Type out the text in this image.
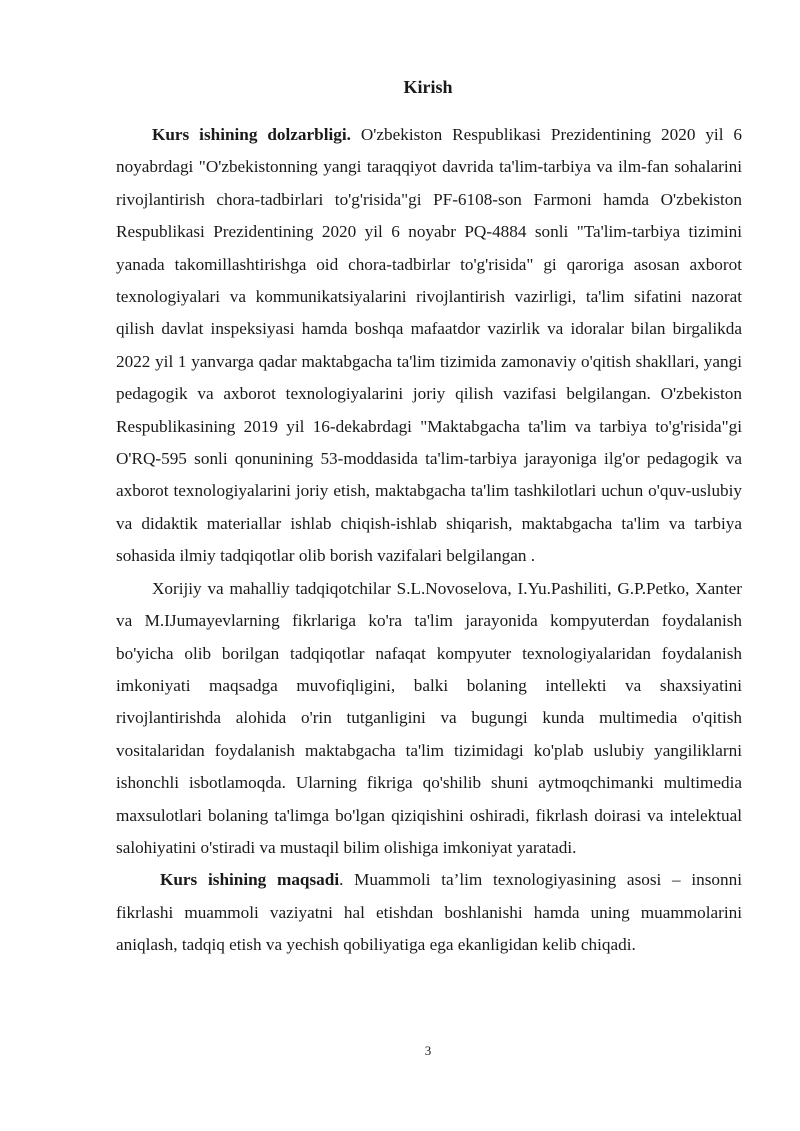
Kirish

Kurs ishining dolzarbligi. O'zbekiston Respublikasi Prezidentining 2020 yil 6 noyabrdagi "O'zbekistonning yangi taraqqiyot davrida ta'lim-tarbiya va ilm-fan sohalarini rivojlantirish chora-tadbirlari to'g'risida"gi PF-6108-son Farmoni hamda O'zbekiston Respublikasi Prezidentining 2020 yil 6 noyabr PQ-4884 sonli "Ta'lim-tarbiya tizimini yanada takomillashtirishga oid chora-tadbirlar to'g'risida" gi qaroriga asosan axborot texnologiyalari va kommunikatsiyalarini rivojlantirish vazirligi, ta'lim sifatini nazorat qilish davlat inspeksiyasi hamda boshqa mafaatdor vazirlik va idoralar bilan birgalikda 2022 yil 1 yanvarga qadar maktabgacha ta'lim tizimida zamonaviy o'qitish shakllari, yangi pedagogik va axborot texnologiyalarini joriy qilish vazifasi belgilangan. O'zbekiston Respublikasining 2019 yil 16-dekabrdagi "Maktabgacha ta'lim va tarbiya to'g'risida"gi O'RQ-595 sonli qonunining 53-moddasida ta'lim-tarbiya jarayoniga ilg'or pedagogik va axborot texnologiyalarini joriy etish, maktabgacha ta'lim tashkilotlari uchun o'quv-uslubiy va didaktik materiallar ishlab chiqish-ishlab shiqarish, maktabgacha ta'lim va tarbiya sohasida ilmiy tadqiqotlar olib borish vazifalari belgilangan .

Xorijiy va mahalliy tadqiqotchilar S.L.Novoselova, I.Yu.Pashiliti, G.P.Petko, Xanter va M.IJumayevlarning fikrlariga ko'ra ta'lim jarayonida kompyuterdan foydalanish bo'yicha olib borilgan tadqiqotlar nafaqat kompyuter texnologiyalaridan foydalanish imkoniyati maqsadga muvofiqligini, balki bolaning intellekti va shaxsiyatini rivojlantirishda alohida o'rin tutganligini va bugungi kunda multimedia o'qitish vositalaridan foydalanish maktabgacha ta'lim tizimidagi ko'plab uslubiy yangiliklarni ishonchli isbotlamoqda. Ularning fikriga qo'shilib shuni aytmoqchimanki multimedia maxsulotlari bolaning ta'limga bo'lgan qiziqishini oshiradi, fikrlash doirasi va intelektual salohiyatini o'stiradi va mustaqil bilim olishiga imkoniyat yaratadi.

Kurs ishining maqsadi. Muammoli ta’lim texnologiyasining asosi – insonni fikrlashi muammoli vaziyatni hal etishdan boshlanishi hamda uning muammolarini aniqlash, tadqiq etish va yechish qobiliyatiga ega ekanligidan kelib chiqadi.

3
